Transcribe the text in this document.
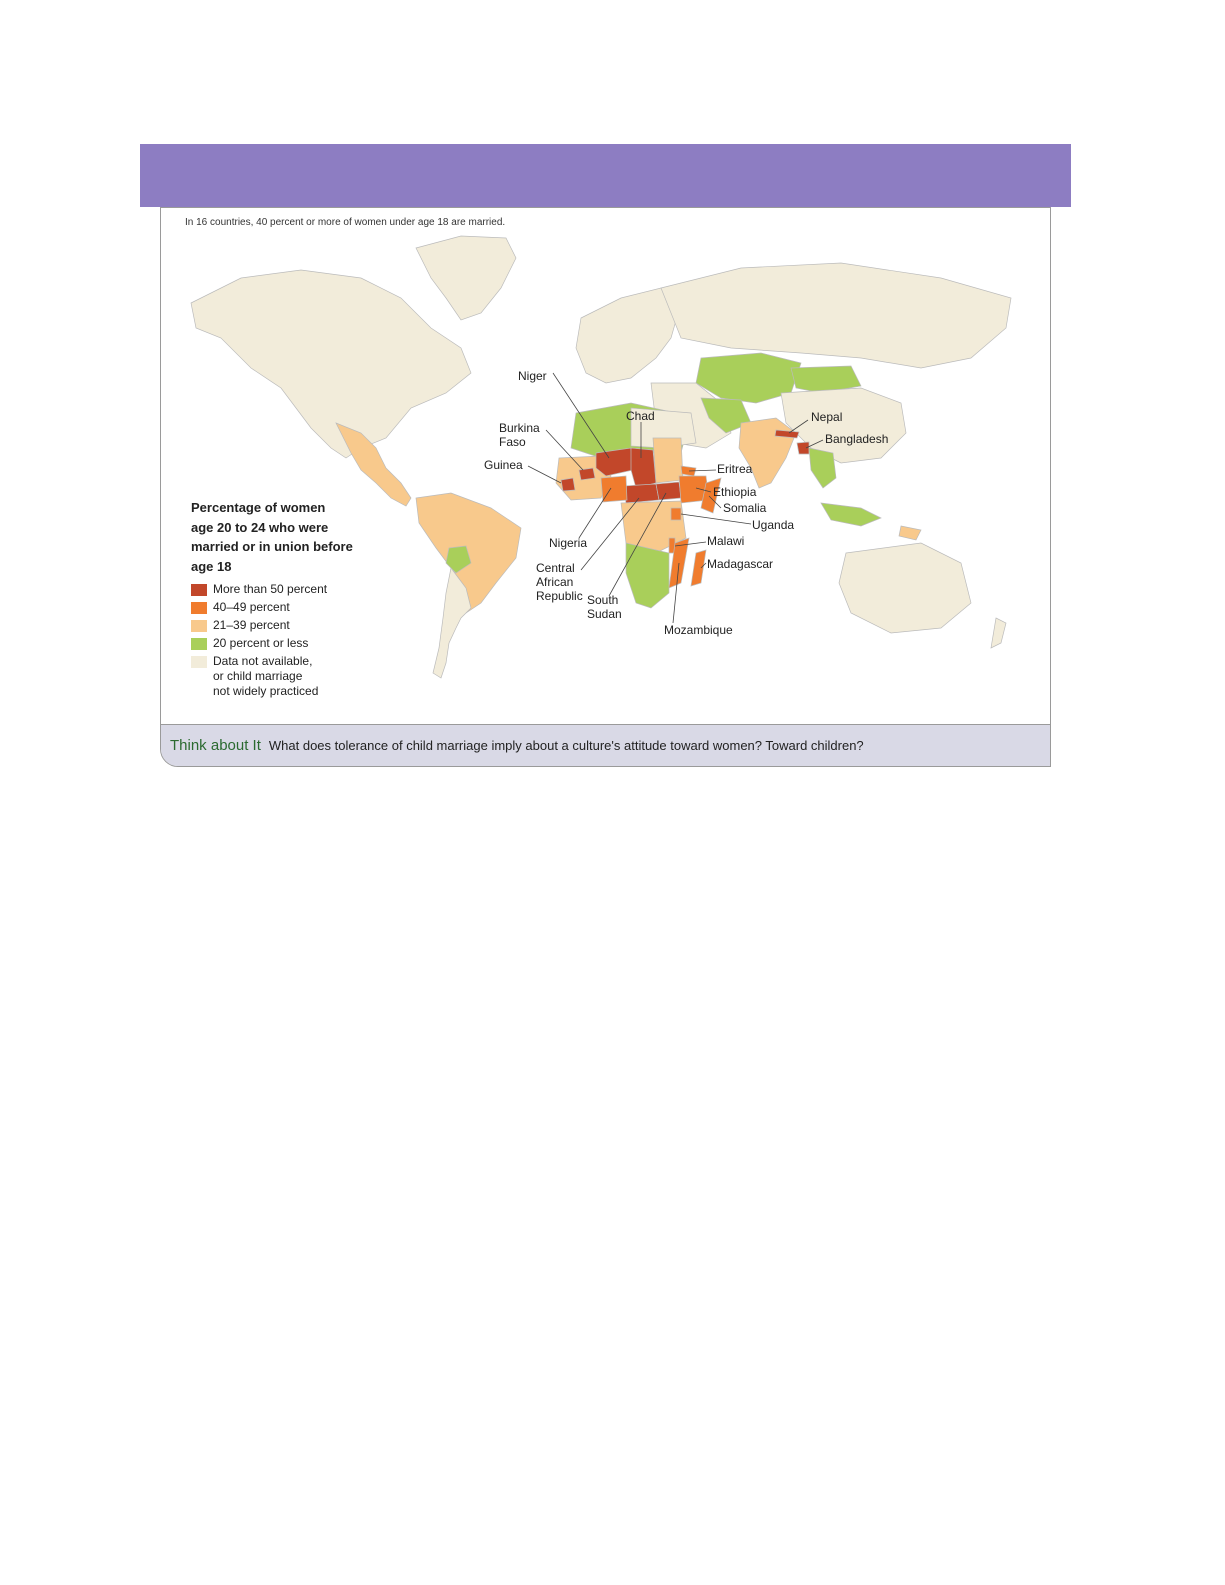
Niger
Chad
Burkina Faso
Guinea
Nigeria
Central African Republic South Sudan
Mozambique
Nepal
Bangladesh
Eritrea
Ethiopia
Somalia
Uganda
Malawi
Madagascar
In 16 countries, 40 percent or more of women under age 18 are married.
Percentage of women
age 20 to 24 who were
married or in union before
age 18
More than 50 percent
40–49 percent
21–39 percent
20 percent or less
Data not available,
or child marriage
not widely practiced
Think about It What does tolerance of child marriage imply about a culture's attitude toward women? Toward children?
